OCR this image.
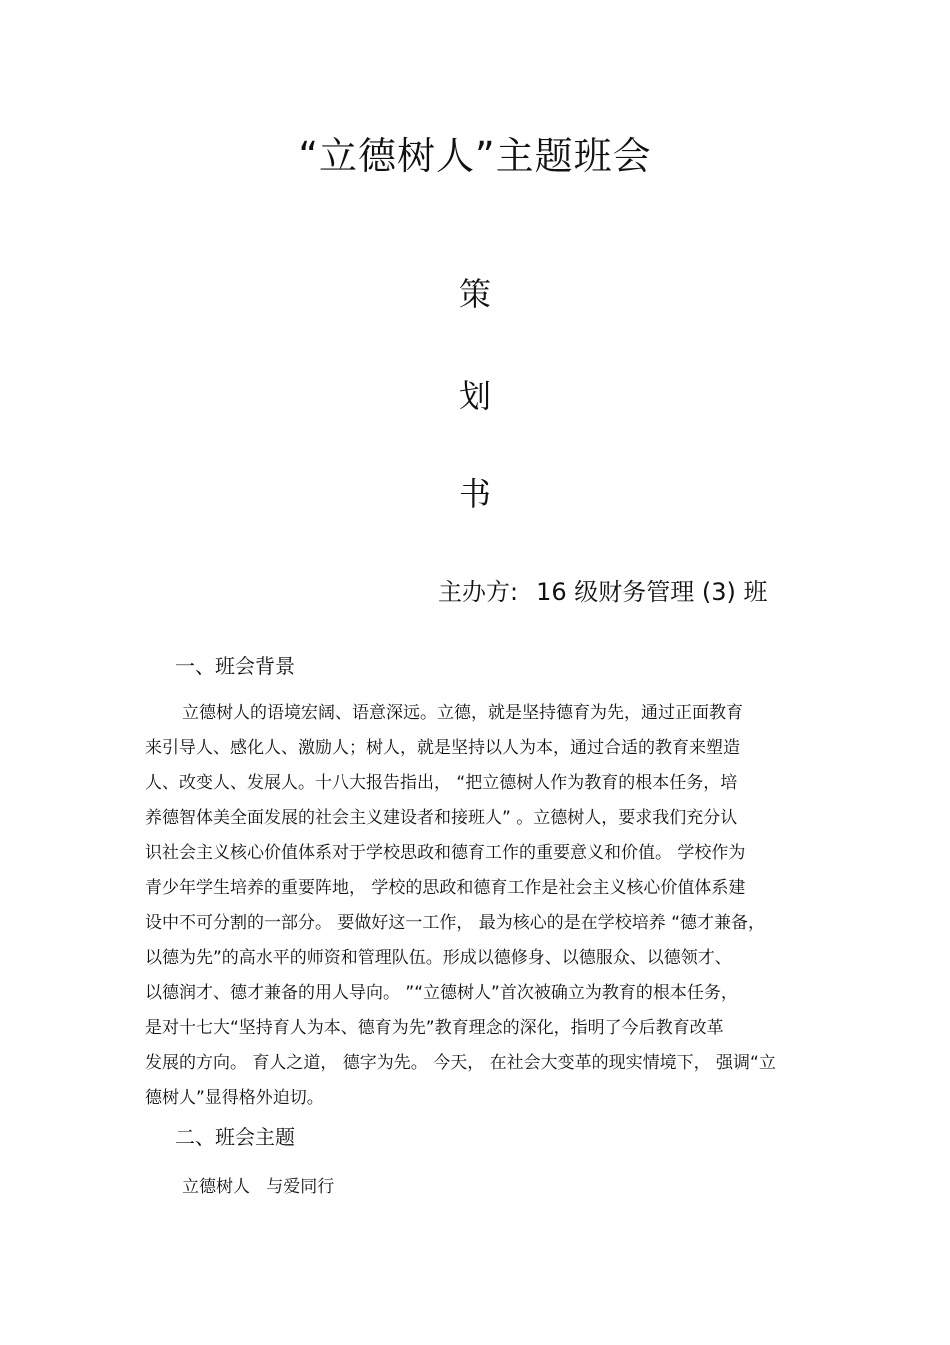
“立德树人”主题班会
策
划
书
主办方: 16 级财务管理 (3) 班
一、班会背景
立德树人的语境宏阔、语意深远。立德，就是坚持德育为先，通过正面教育
来引导人、感化人、激励人；树人，就是坚持以人为本，通过合适的教育来塑造
人、改变人、发展人。十八大报告指出， “把立德树人作为教育的根本任务，培
养德智体美全面发展的社会主义建设者和接班人” 。立德树人，要求我们充分认
识社会主义核心价值体系对于学校思政和德育工作的重要意义和价值。 学校作为
青少年学生培养的重要阵地， 学校的思政和德育工作是社会主义核心价值体系建
设中不可分割的一部分。 要做好这一工作， 最为核心的是在学校培养 “德才兼备，
以德为先”的高水平的师资和管理队伍。形成以德修身、以德服众、以德领才、
以德润才、德才兼备的用人导向。 ”“立德树人”首次被确立为教育的根本任务，
是对十七大“坚持育人为本、德育为先”教育理念的深化，指明了今后教育改革
发展的方向。 育人之道， 德字为先。 今天， 在社会大变革的现实情境下， 强调“立
德树人”显得格外迫切。
二、班会主题
立德树人   与爱同行
